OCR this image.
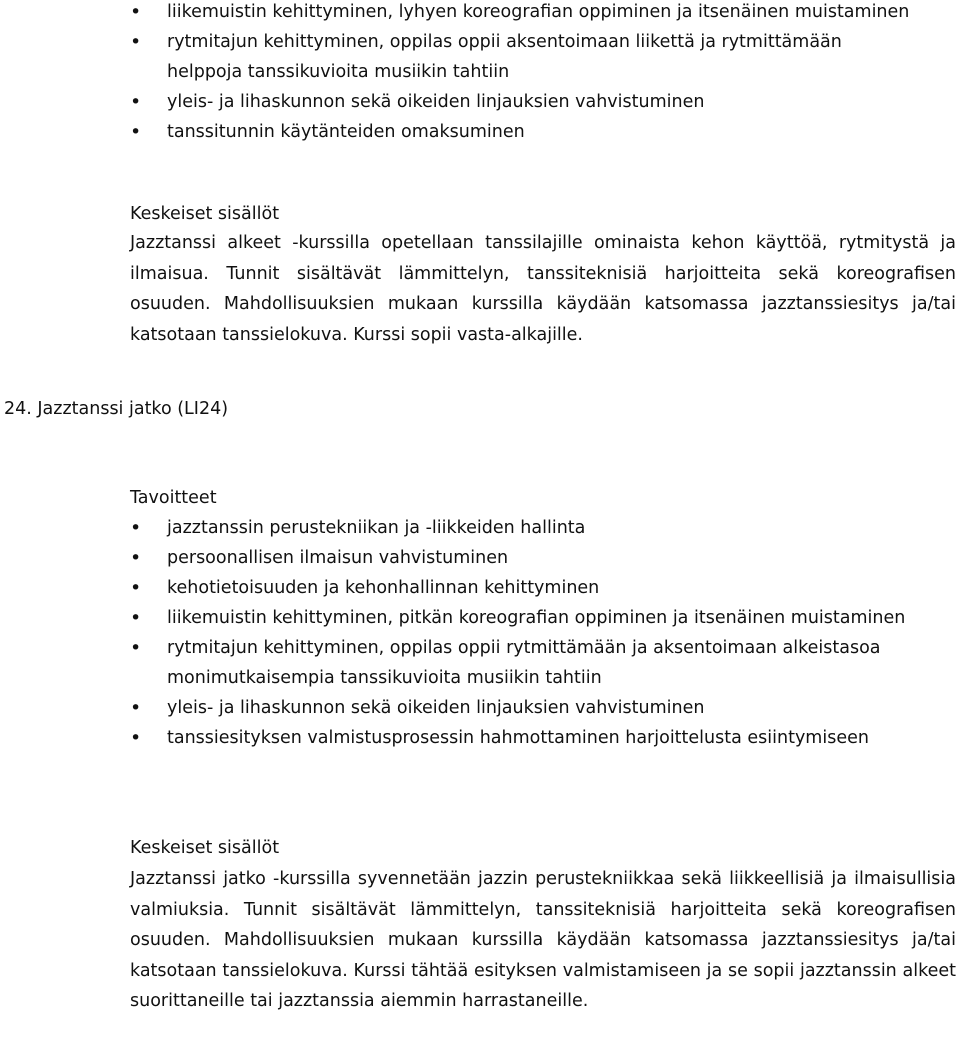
• liikemuistin kehittyminen, lyhyen koreografian oppiminen ja itsenäinen muistaminen
• rytmitajun kehittyminen, oppilas oppii aksentoimaan liikettä ja rytmittämään helppoja tanssikuvioita musiikin tahtiin
• yleis- ja lihaskunnon sekä oikeiden linjauksien vahvistuminen
• tanssitunnin käytänteiden omaksuminen
Keskeiset sisällöt

Jazztanssi alkeet -kurssilla opetellaan tanssilajille ominaista kehon käyttöä, rytmitystä ja ilmaisua. Tunnit sisältävät lämmittelyn, tanssiteknisiä harjoitteita sekä koreografisen osuuden. Mahdollisuuksien mukaan kurssilla käydään katsomassa jazztanssiesitys ja/tai katsotaan tanssielokuva. Kurssi sopii vasta-alkajille.

24. Jazztanssi jatko (LI24)
Tavoitteet
• jazztanssin perustekniikan ja -liikkeiden hallinta
• persoonallisen ilmaisun vahvistuminen
• kehotietoisuuden ja kehonhallinnan kehittyminen
• liikemuistin kehittyminen, pitkän koreografian oppiminen ja itsenäinen muistaminen
• rytmitajun kehittyminen, oppilas oppii rytmittämään ja aksentoimaan alkeistasoa monimutkaisempia tanssikuvioita musiikin tahtiin
• yleis- ja lihaskunnon sekä oikeiden linjauksien vahvistuminen
• tanssiesityksen valmistusprosessin hahmottaminen harjoittelusta esiintymiseen
Keskeiset sisällöt

Jazztanssi jatko -kurssilla syvennetään jazzin perustekniikkaa sekä liikkeellisiä ja ilmaisullisia valmiuksia. Tunnit sisältävät lämmittelyn, tanssiteknisiä harjoitteita sekä koreografisen osuuden. Mahdollisuuksien mukaan kurssilla käydään katsomassa jazztanssiesitys ja/tai katsotaan tanssielokuva. Kurssi tähtää esityksen valmistamiseen ja se sopii jazztanssin alkeet suorittaneille tai jazztanssia aiemmin harrastaneille.
